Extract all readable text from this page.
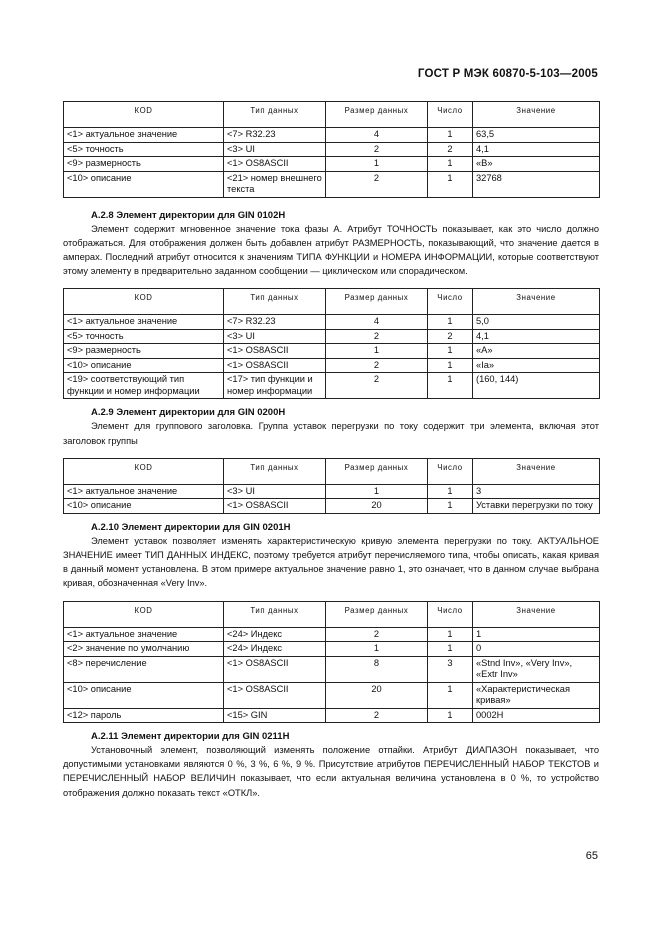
ГОСТ Р МЭК 60870-5-103—2005
КОD	Тип данных	Размер данных	Число	Значение
<1> актуальное значение	<7> R32.23	4	1	63,5
<5> точность	<3> UI	2	2	4,1
<9> размерность	<1> OS8ASCII	1	1	«В»
<10> описание	<21> номер внешнего текста	2	1	32768

А.2.8 Элемент директории для GIN 0102H

Элемент содержит мгновенное значение тока фазы А. Атрибут ТОЧНОСТЬ показывает, как это число должно отображаться. Для отображения должен быть добавлен атрибут РАЗМЕРНОСТЬ, показывающий, что значение дается в амперах. Последний атрибут относится к значениям ТИПА ФУНКЦИИ и НОМЕРА ИНФОРМАЦИИ, которые соответствуют этому элементу в предварительно заданном сообщении — циклическом или спорадическом.

КОD	Тип данных	Размер данных	Число	Значение
<1> актуальное значение	<7> R32.23	4	1	5,0
<5> точность	<3> UI	2	2	4,1
<9> размерность	<1> OS8ASCII	1	1	«А»
<10> описание	<1> OS8ASCII	2	1	«Ia»
<19> соответствующий тип функции и номер информации	<17> тип функции и номер информации	2	1	(160, 144)

А.2.9 Элемент директории для GIN 0200H

Элемент для группового заголовка. Группа уставок перегрузки по току содержит три элемента, включая этот заголовок группы

КОD	Тип данных	Размер данных	Число	Значение
<1> актуальное значение	<3> UI	1	1	3
<10> описание	<1> OS8ASCII	20	1	Уставки перегрузки по току

А.2.10 Элемент директории для GIN 0201H

Элемент уставок позволяет изменять характеристическую кривую элемента перегрузки по току. АКТУАЛЬНОЕ ЗНАЧЕНИЕ имеет ТИП ДАННЫХ ИНДЕКС, поэтому требуется атрибут перечисляемого типа, чтобы описать, какая кривая в данный момент установлена. В этом примере актуальное значение равно 1, это означает, что в данном случае выбрана кривая, обозначенная «Very Inv».

КОD	Тип данных	Размер данных	Число	Значение
<1> актуальное значение	<24> Индекс	2	1	1
<2> значение по умолчанию	<24> Индекс	1	1	0
<8> перечисление	<1> OS8ASCII	8	3	«Stnd Inv», «Very Inv», «Extr Inv»
<10> описание	<1> OS8ASCII	20	1	«Характеристическая кривая»
<12> пароль	<15> GIN	2	1	0002H

А.2.11 Элемент директории для GIN 0211H

Установочный элемент, позволяющий изменять положение отпайки. Атрибут ДИАПАЗОН показывает, что допустимыми установками являются 0 %, 3 %, 6 %, 9 %. Присутствие атрибутов ПЕРЕЧИСЛЕННЫЙ НАБОР ТЕКСТОВ и ПЕРЕЧИСЛЕННЫЙ НАБОР ВЕЛИЧИН показывает, что если актуальная величина установлена в 0 %, то устройство отображения должно показать текст «ОТКЛ».

65
